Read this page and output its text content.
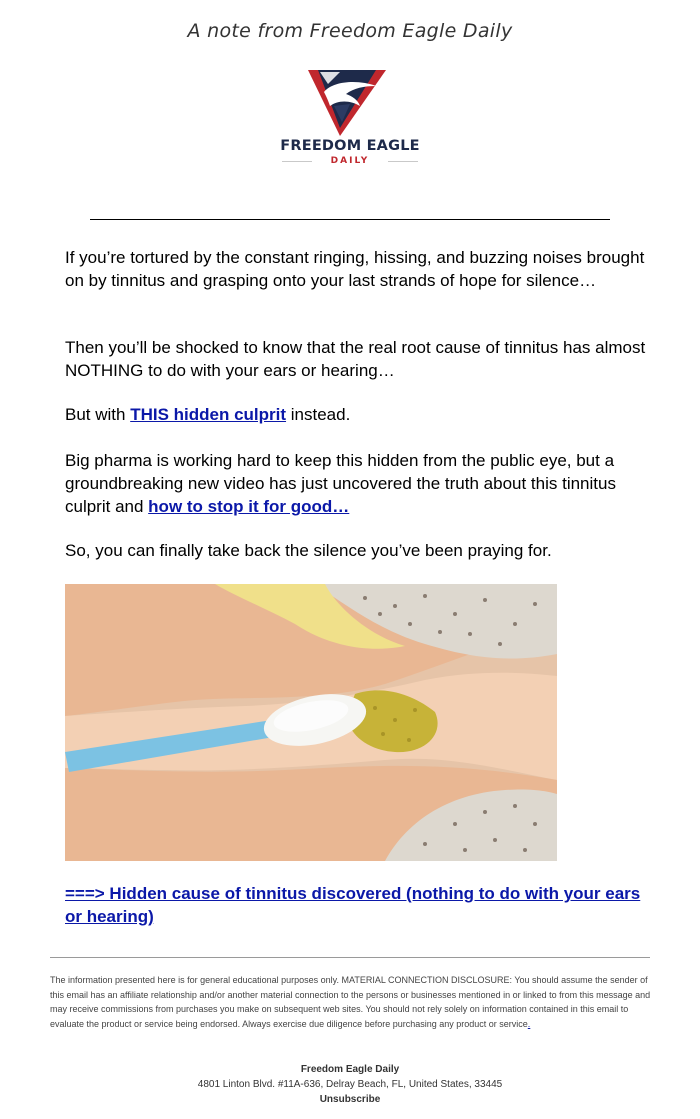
A note from Freedom Eagle Daily
FREEDOM EAGLE
DAILY

If you’re tortured by the constant ringing, hissing, and buzzing noises brought on by tinnitus and grasping onto your last strands of hope for silence…

Then you’ll be shocked to know that the real root cause of tinnitus has almost NOTHING to do with your ears or hearing…

But with THIS hidden culprit instead.

Big pharma is working hard to keep this hidden from the public eye, but a groundbreaking new video has just uncovered the truth about this tinnitus culprit and how to stop it for good…

So, you can finally take back the silence you’ve been praying for.

===> Hidden cause of tinnitus discovered (nothing to do with your ears or hearing)
The information presented here is for general educational purposes only. MATERIAL CONNECTION DISCLOSURE: You should assume the sender of this email has an affiliate relationship and/or another material connection to the persons or businesses mentioned in or linked to from this message and may receive commissions from purchases you make on subsequent web sites. You should not rely solely on information contained in this email to evaluate the product or service being endorsed. Always exercise due diligence before purchasing any product or service.
Freedom Eagle Daily
4801 Linton Blvd. #11A-636, Delray Beach, FL, United States, 33445
Unsubscribe
